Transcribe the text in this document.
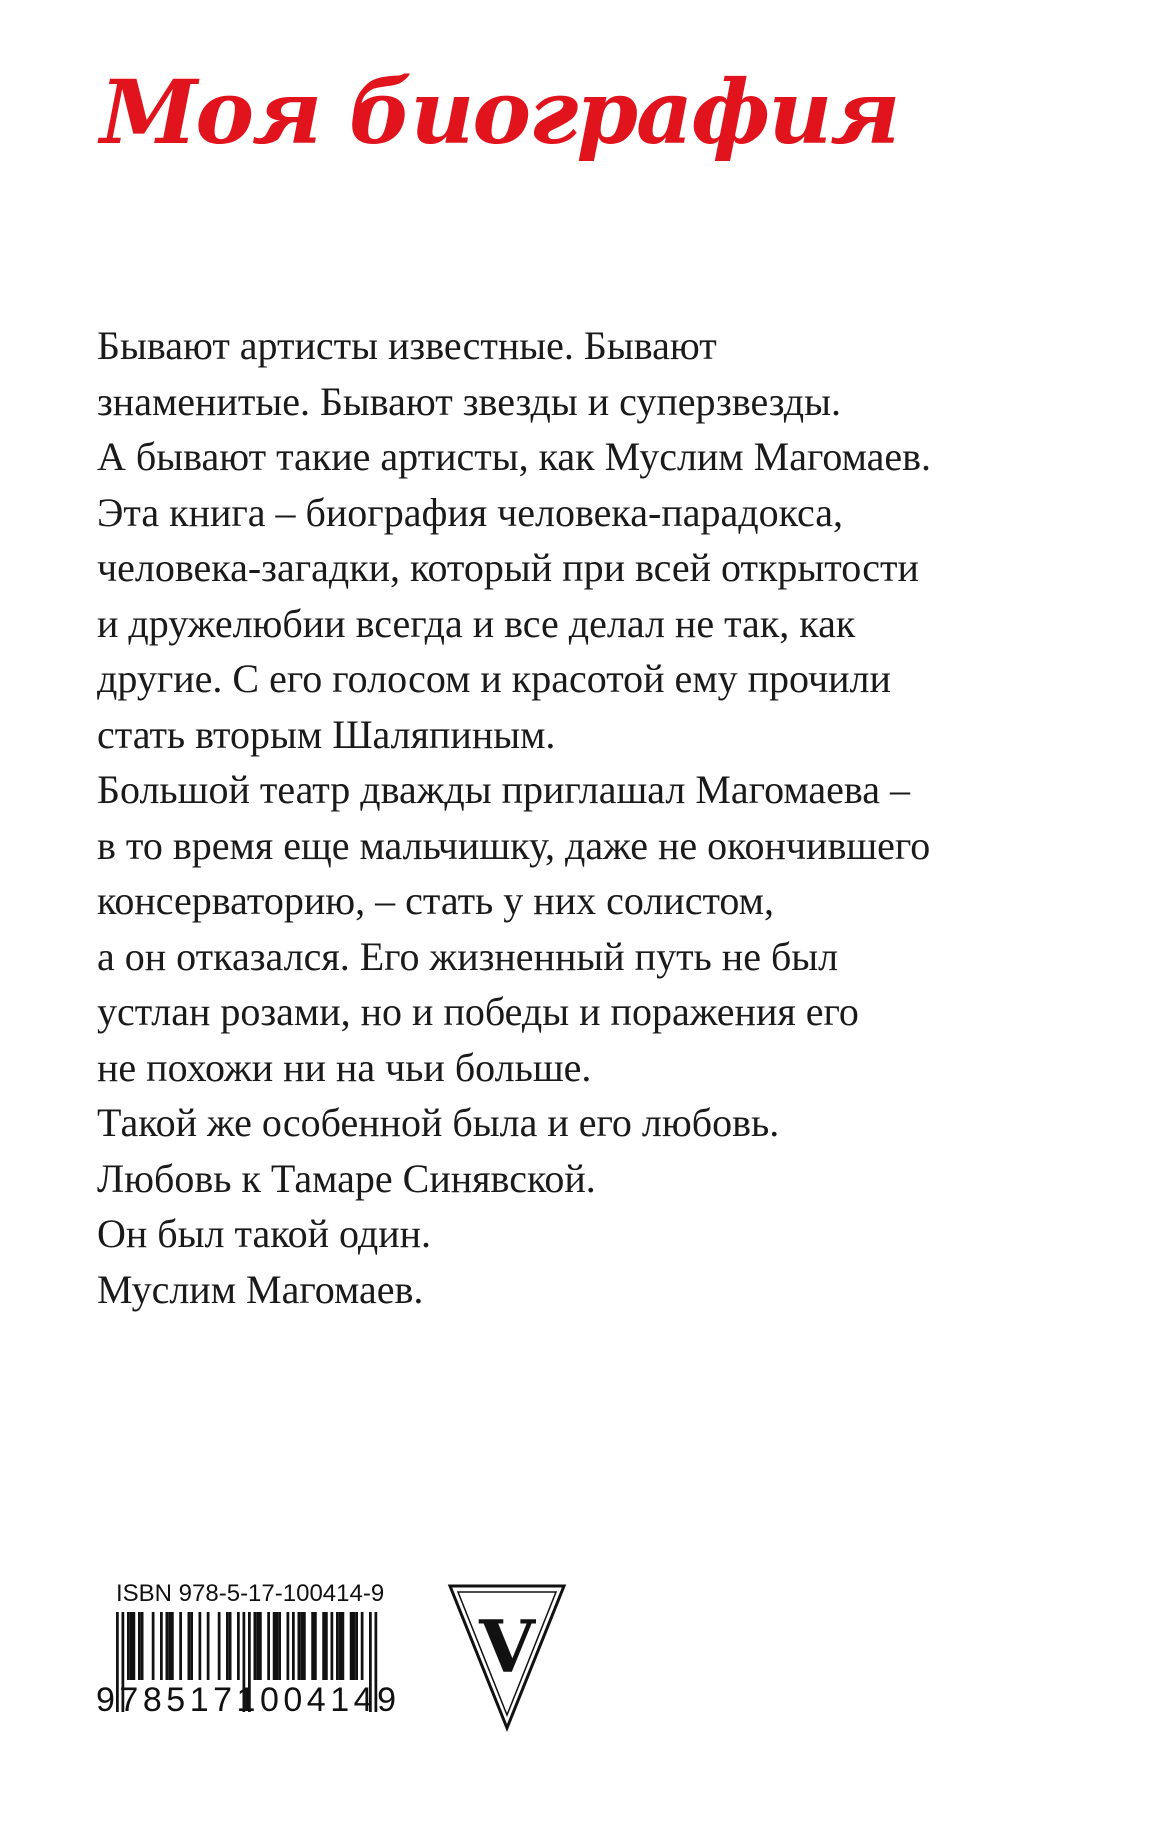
Моя биография
Бывают артисты известные. Бывают
знаменитые. Бывают звезды и суперзвезды.
А бывают такие артисты, как Муслим Магомаев.
Эта книга – биография человека-парадокса,
человека-загадки, который при всей открытости
и дружелюбии всегда и все делал не так, как
другие. С его голосом и красотой ему прочили
стать вторым Шаляпиным.
Большой театр дважды приглашал Магомаева –
в то время еще мальчишку, даже не окончившего
консерваторию, – стать у них солистом,
а он отказался. Его жизненный путь не был
устлан розами, но и победы и поражения его
не похожи ни на чьи больше.
Такой же особенной была и его любовь.
Любовь к Тамаре Синявской.
Он был такой один.
Муслим Магомаев.
ISBN 978-5-17-100414-9
9785171004149
V
